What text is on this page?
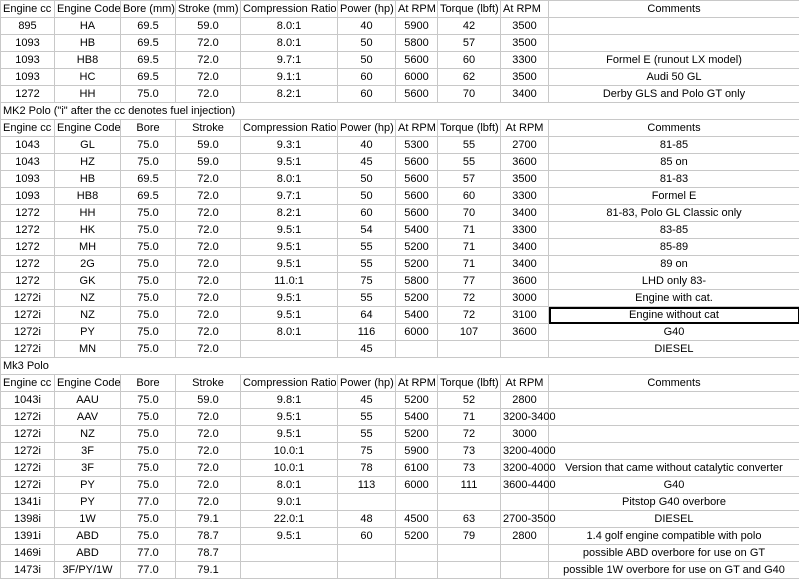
Engine cc	Engine Code	Bore (mm)	Stroke (mm)	Compression Ratio	Power (hp)	At RPM	Torque (lbft)	At RPM	Comments
895	HA	69.5	59.0	8.0:1	40	5900	42	3500	
1093	HB	69.5	72.0	8.0:1	50	5800	57	3500	
1093	HB8	69.5	72.0	9.7:1	50	5600	60	3300	Formel E (runout LX model)
1093	HC	69.5	72.0	9.1:1	60	6000	62	3500	Audi 50 GL
1272	HH	75.0	72.0	8.2:1	60	5600	70	3400	Derby GLS and Polo GT only
MK2 Polo ("i" after the cc denotes fuel injection)									
Engine cc	Engine Code	Bore	Stroke	Compression Ratio	Power (hp)	At RPM	Torque (lbft)	At RPM	Comments
1043	GL	75.0	59.0	9.3:1	40	5300	55	2700	81-85
1043	HZ	75.0	59.0	9.5:1	45	5600	55	3600	85 on
1093	HB	69.5	72.0	8.0:1	50	5600	57	3500	81-83
1093	HB8	69.5	72.0	9.7:1	50	5600	60	3300	Formel E
1272	HH	75.0	72.0	8.2:1	60	5600	70	3400	81-83, Polo GL Classic only
1272	HK	75.0	72.0	9.5:1	54	5400	71	3300	83-85
1272	MH	75.0	72.0	9.5:1	55	5200	71	3400	85-89
1272	2G	75.0	72.0	9.5:1	55	5200	71	3400	89 on
1272	GK	75.0	72.0	11.0:1	75	5800	77	3600	LHD only 83-
1272i	NZ	75.0	72.0	9.5:1	55	5200	72	3000	Engine with cat.
1272i	NZ	75.0	72.0	9.5:1	64	5400	72	3100	Engine without cat
1272i	PY	75.0	72.0	8.0:1	116	6000	107	3600	G40
1272i	MN	75.0	72.0		45				DIESEL
Mk3 Polo									
Engine cc	Engine Code	Bore	Stroke	Compression Ratio	Power (hp)	At RPM	Torque (lbft)	At RPM	Comments
1043i	AAU	75.0	59.0	9.8:1	45	5200	52	2800	
1272i	AAV	75.0	72.0	9.5:1	55	5400	71	3200-3400	
1272i	NZ	75.0	72.0	9.5:1	55	5200	72	3000	
1272i	3F	75.0	72.0	10.0:1	75	5900	73	3200-4000	
1272i	3F	75.0	72.0	10.0:1	78	6100	73	3200-4000	Version that came without catalytic converter
1272i	PY	75.0	72.0	8.0:1	113	6000	111	3600-4400	G40
1341i	PY	77.0	72.0	9.0:1					Pitstop G40 overbore
1398i	1W	75.0	79.1	22.0:1	48	4500	63	2700-3500	DIESEL
1391i	ABD	75.0	78.7	9.5:1	60	5200	79	2800	1.4 golf engine compatible with polo
1469i	ABD	77.0	78.7						possible ABD overbore for use on GT
1473i	3F/PY/1W	77.0	79.1						possible 1W overbore for use on GT and G40
